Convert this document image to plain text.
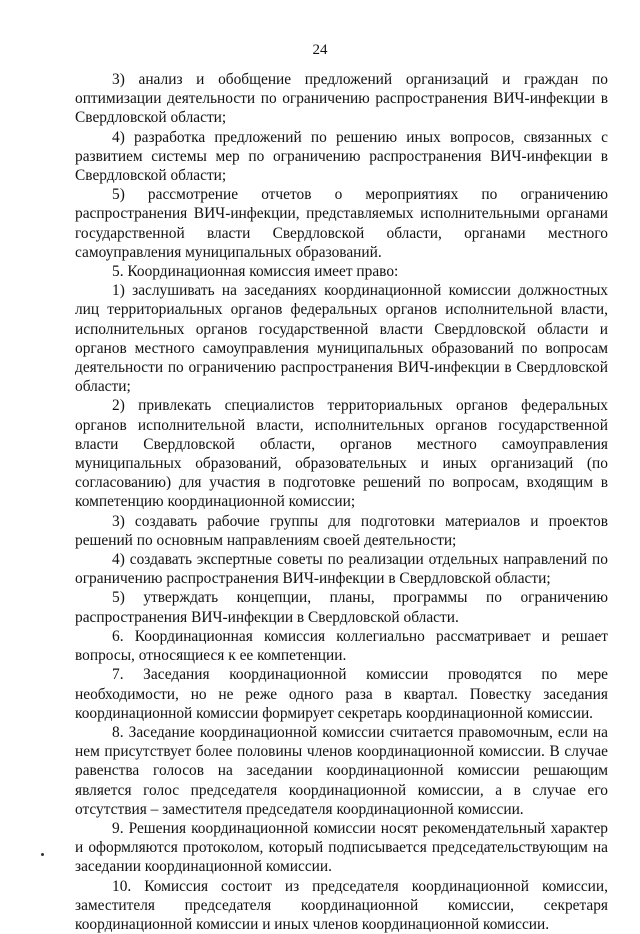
24

3) анализ и обобщение предложений организаций и граждан по оптимизации деятельности по ограничению распространения ВИЧ-инфекции в Свердловской области;

4) разработка предложений по решению иных вопросов, связанных с развитием системы мер по ограничению распространения ВИЧ-инфекции в Свердловской области;

5) рассмотрение отчетов о мероприятиях по ограничению распространения ВИЧ-инфекции, представляемых исполнительными органами государственной власти Свердловской области, органами местного самоуправления муниципальных образований.

5. Координационная комиссия имеет право:

1) заслушивать на заседаниях координационной комиссии должностных лиц территориальных органов федеральных органов исполнительной власти, исполнительных органов государственной власти Свердловской области и органов местного самоуправления муниципальных образований по вопросам деятельности по ограничению распространения ВИЧ-инфекции в Свердловской области;

2) привлекать специалистов территориальных органов федеральных органов исполнительной власти, исполнительных органов государственной власти Свердловской области, органов местного самоуправления муниципальных образований, образовательных и иных организаций (по согласованию) для участия в подготовке решений по вопросам, входящим в компетенцию координационной комиссии;

3) создавать рабочие группы для подготовки материалов и проектов решений по основным направлениям своей деятельности;

4) создавать экспертные советы по реализации отдельных направлений по ограничению распространения ВИЧ-инфекции в Свердловской области;

5) утверждать концепции, планы, программы по ограничению распространения ВИЧ-инфекции в Свердловской области.

6. Координационная комиссия коллегиально рассматривает и решает вопросы, относящиеся к ее компетенции.

7. Заседания координационной комиссии проводятся по мере необходимости, но не реже одного раза в квартал. Повестку заседания координационной комиссии формирует секретарь координационной комиссии.

8. Заседание координационной комиссии считается правомочным, если на нем присутствует более половины членов координационной комиссии. В случае равенства голосов на заседании координационной комиссии решающим является голос председателя координационной комиссии, а в случае его отсутствия – заместителя председателя координационной комиссии.

9. Решения координационной комиссии носят рекомендательный характер и оформляются протоколом, который подписывается председательствующим на заседании координационной комиссии.

10. Комиссия состоит из председателя координационной комиссии, заместителя председателя координационной комиссии, секретаря координационной комиссии и иных членов координационной комиссии.
